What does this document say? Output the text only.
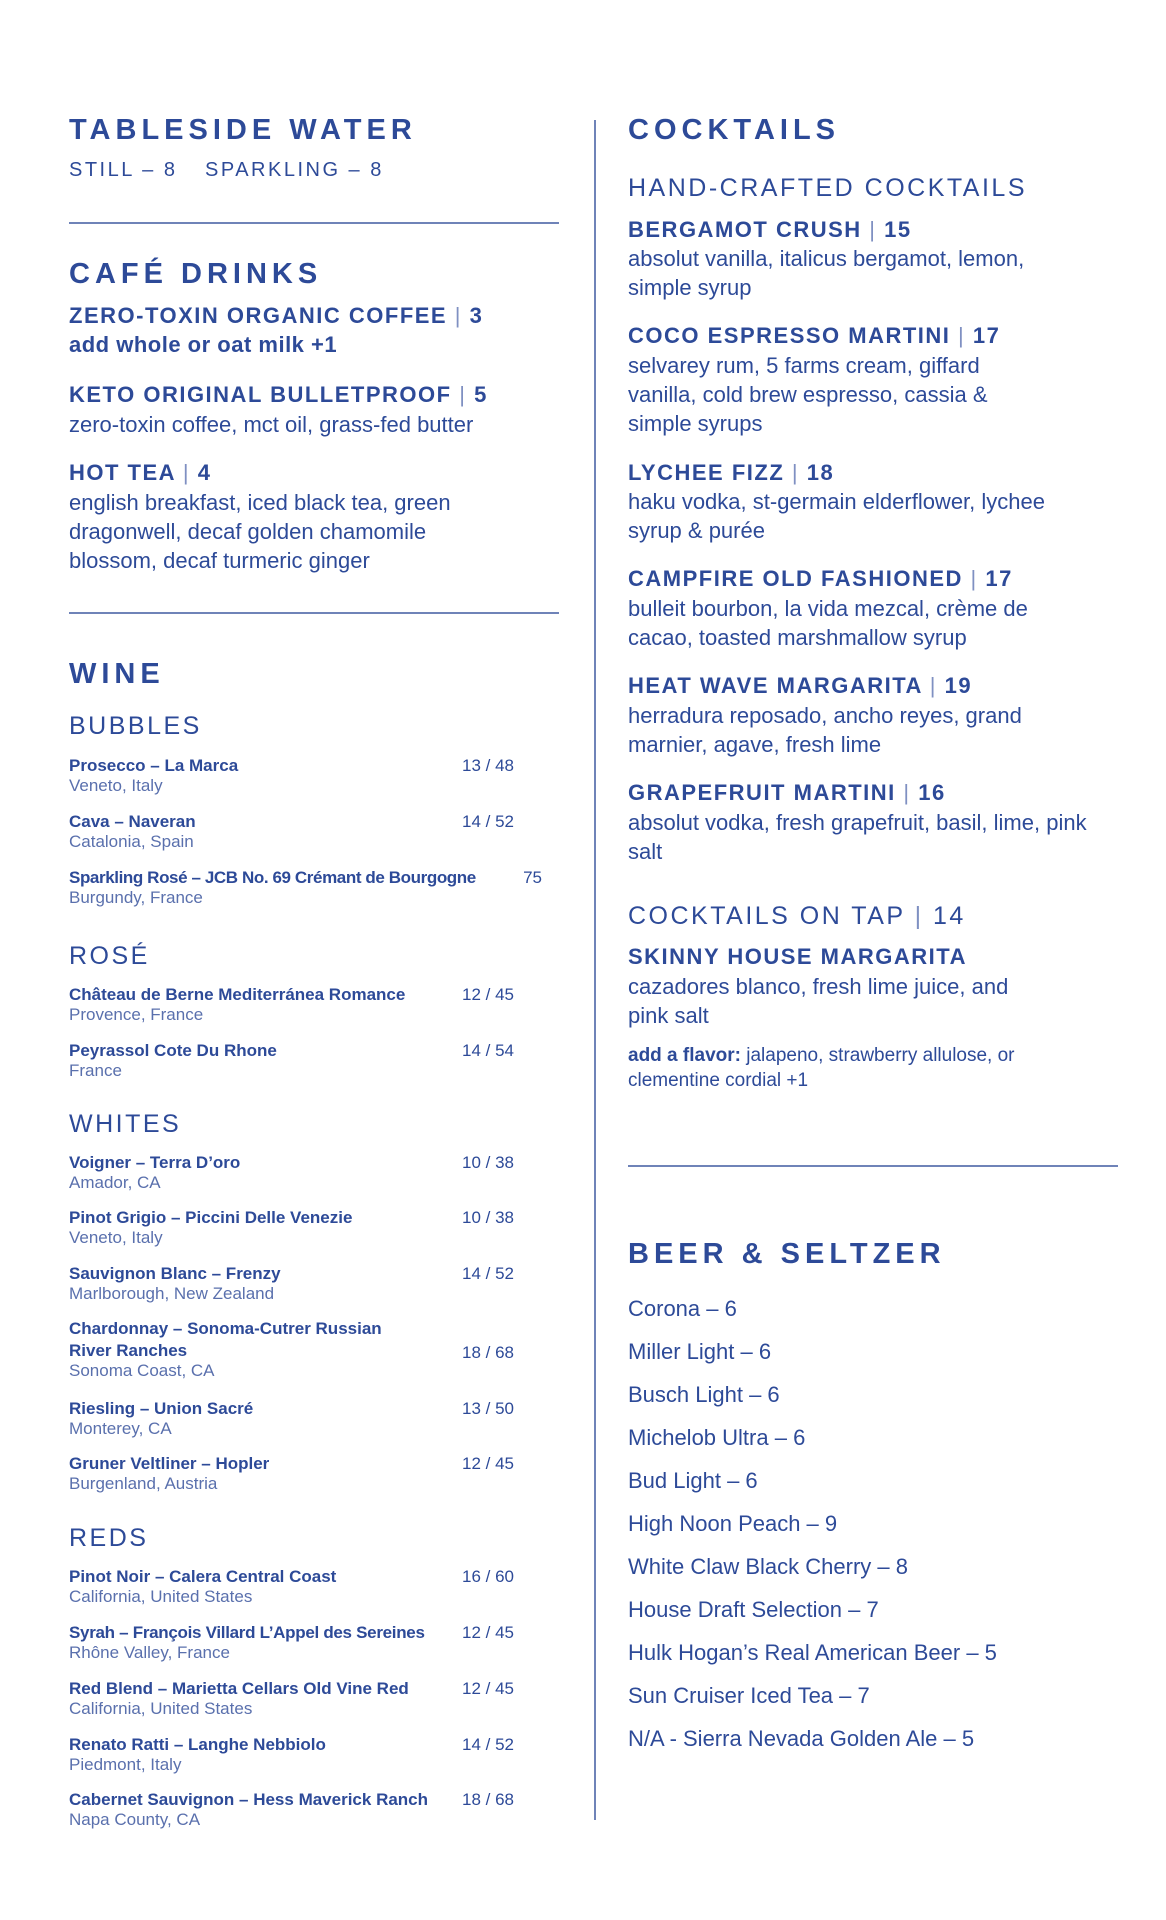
TABLESIDE WATER
STILL – 8 SPARKLING – 8
CAFÉ DRINKS
ZERO-TOXIN ORGANIC COFFEE | 3
add whole or oat milk +1
KETO ORIGINAL BULLETPROOF | 5
zero-toxin coffee, mct oil, grass-fed butter
HOT TEA | 4
english breakfast, iced black tea, green dragonwell, decaf golden chamomile blossom, decaf turmeric ginger
WINE
BUBBLES
Prosecco – La Marca
Veneto, Italy
13 / 48
Cava – Naveran
Catalonia, Spain
14 / 52
Sparkling Rosé – JCB No. 69 Crémant de Bourgogne
Burgundy, France
75
ROSÉ
Château de Berne Mediterránea Romance
Provence, France
12 / 45
Peyrassol Cote Du Rhone
France
14 / 54
WHITES
Voigner – Terra D’oro
Amador, CA
10 / 38
Pinot Grigio – Piccini Delle Venezie
Veneto, Italy
10 / 38
Sauvignon Blanc – Frenzy
Marlborough, New Zealand
14 / 52
Chardonnay – Sonoma-Cutrer Russian
River Ranches
Sonoma Coast, CA
18 / 68
Riesling – Union Sacré
Monterey, CA
13 / 50
Gruner Veltliner – Hopler
Burgenland, Austria
12 / 45
REDS
Pinot Noir – Calera Central Coast
California, United States
16 / 60
Syrah – François Villard L’Appel des Sereines
Rhône Valley, France
12 / 45
Red Blend – Marietta Cellars Old Vine Red
California, United States
12 / 45
Renato Ratti – Langhe Nebbiolo
Piedmont, Italy
14 / 52
Cabernet Sauvignon – Hess Maverick Ranch
Napa County, CA
18 / 68
COCKTAILS
HAND-CRAFTED COCKTAILS
BERGAMOT CRUSH | 15
absolut vanilla, italicus bergamot, lemon, simple syrup
COCO ESPRESSO MARTINI | 17
selvarey rum, 5 farms cream, giffard vanilla, cold brew espresso, cassia & simple syrups
LYCHEE FIZZ | 18
haku vodka, st-germain elderflower, lychee syrup & purée
CAMPFIRE OLD FASHIONED | 17
bulleit bourbon, la vida mezcal, crème de cacao, toasted marshmallow syrup
HEAT WAVE MARGARITA | 19
herradura reposado, ancho reyes, grand marnier, agave, fresh lime
GRAPEFRUIT MARTINI | 16
absolut vodka, fresh grapefruit, basil, lime, pink salt
COCKTAILS ON TAP | 14
SKINNY HOUSE MARGARITA
cazadores blanco, fresh lime juice, and pink salt
add a flavor: jalapeno, strawberry allulose, or clementine cordial +1
BEER & SELTZER
Corona – 6
Miller Light – 6
Busch Light – 6
Michelob Ultra – 6
Bud Light – 6
High Noon Peach – 9
White Claw Black Cherry – 8
House Draft Selection – 7
Hulk Hogan’s Real American Beer – 5
Sun Cruiser Iced Tea – 7
N/A - Sierra Nevada Golden Ale – 5
